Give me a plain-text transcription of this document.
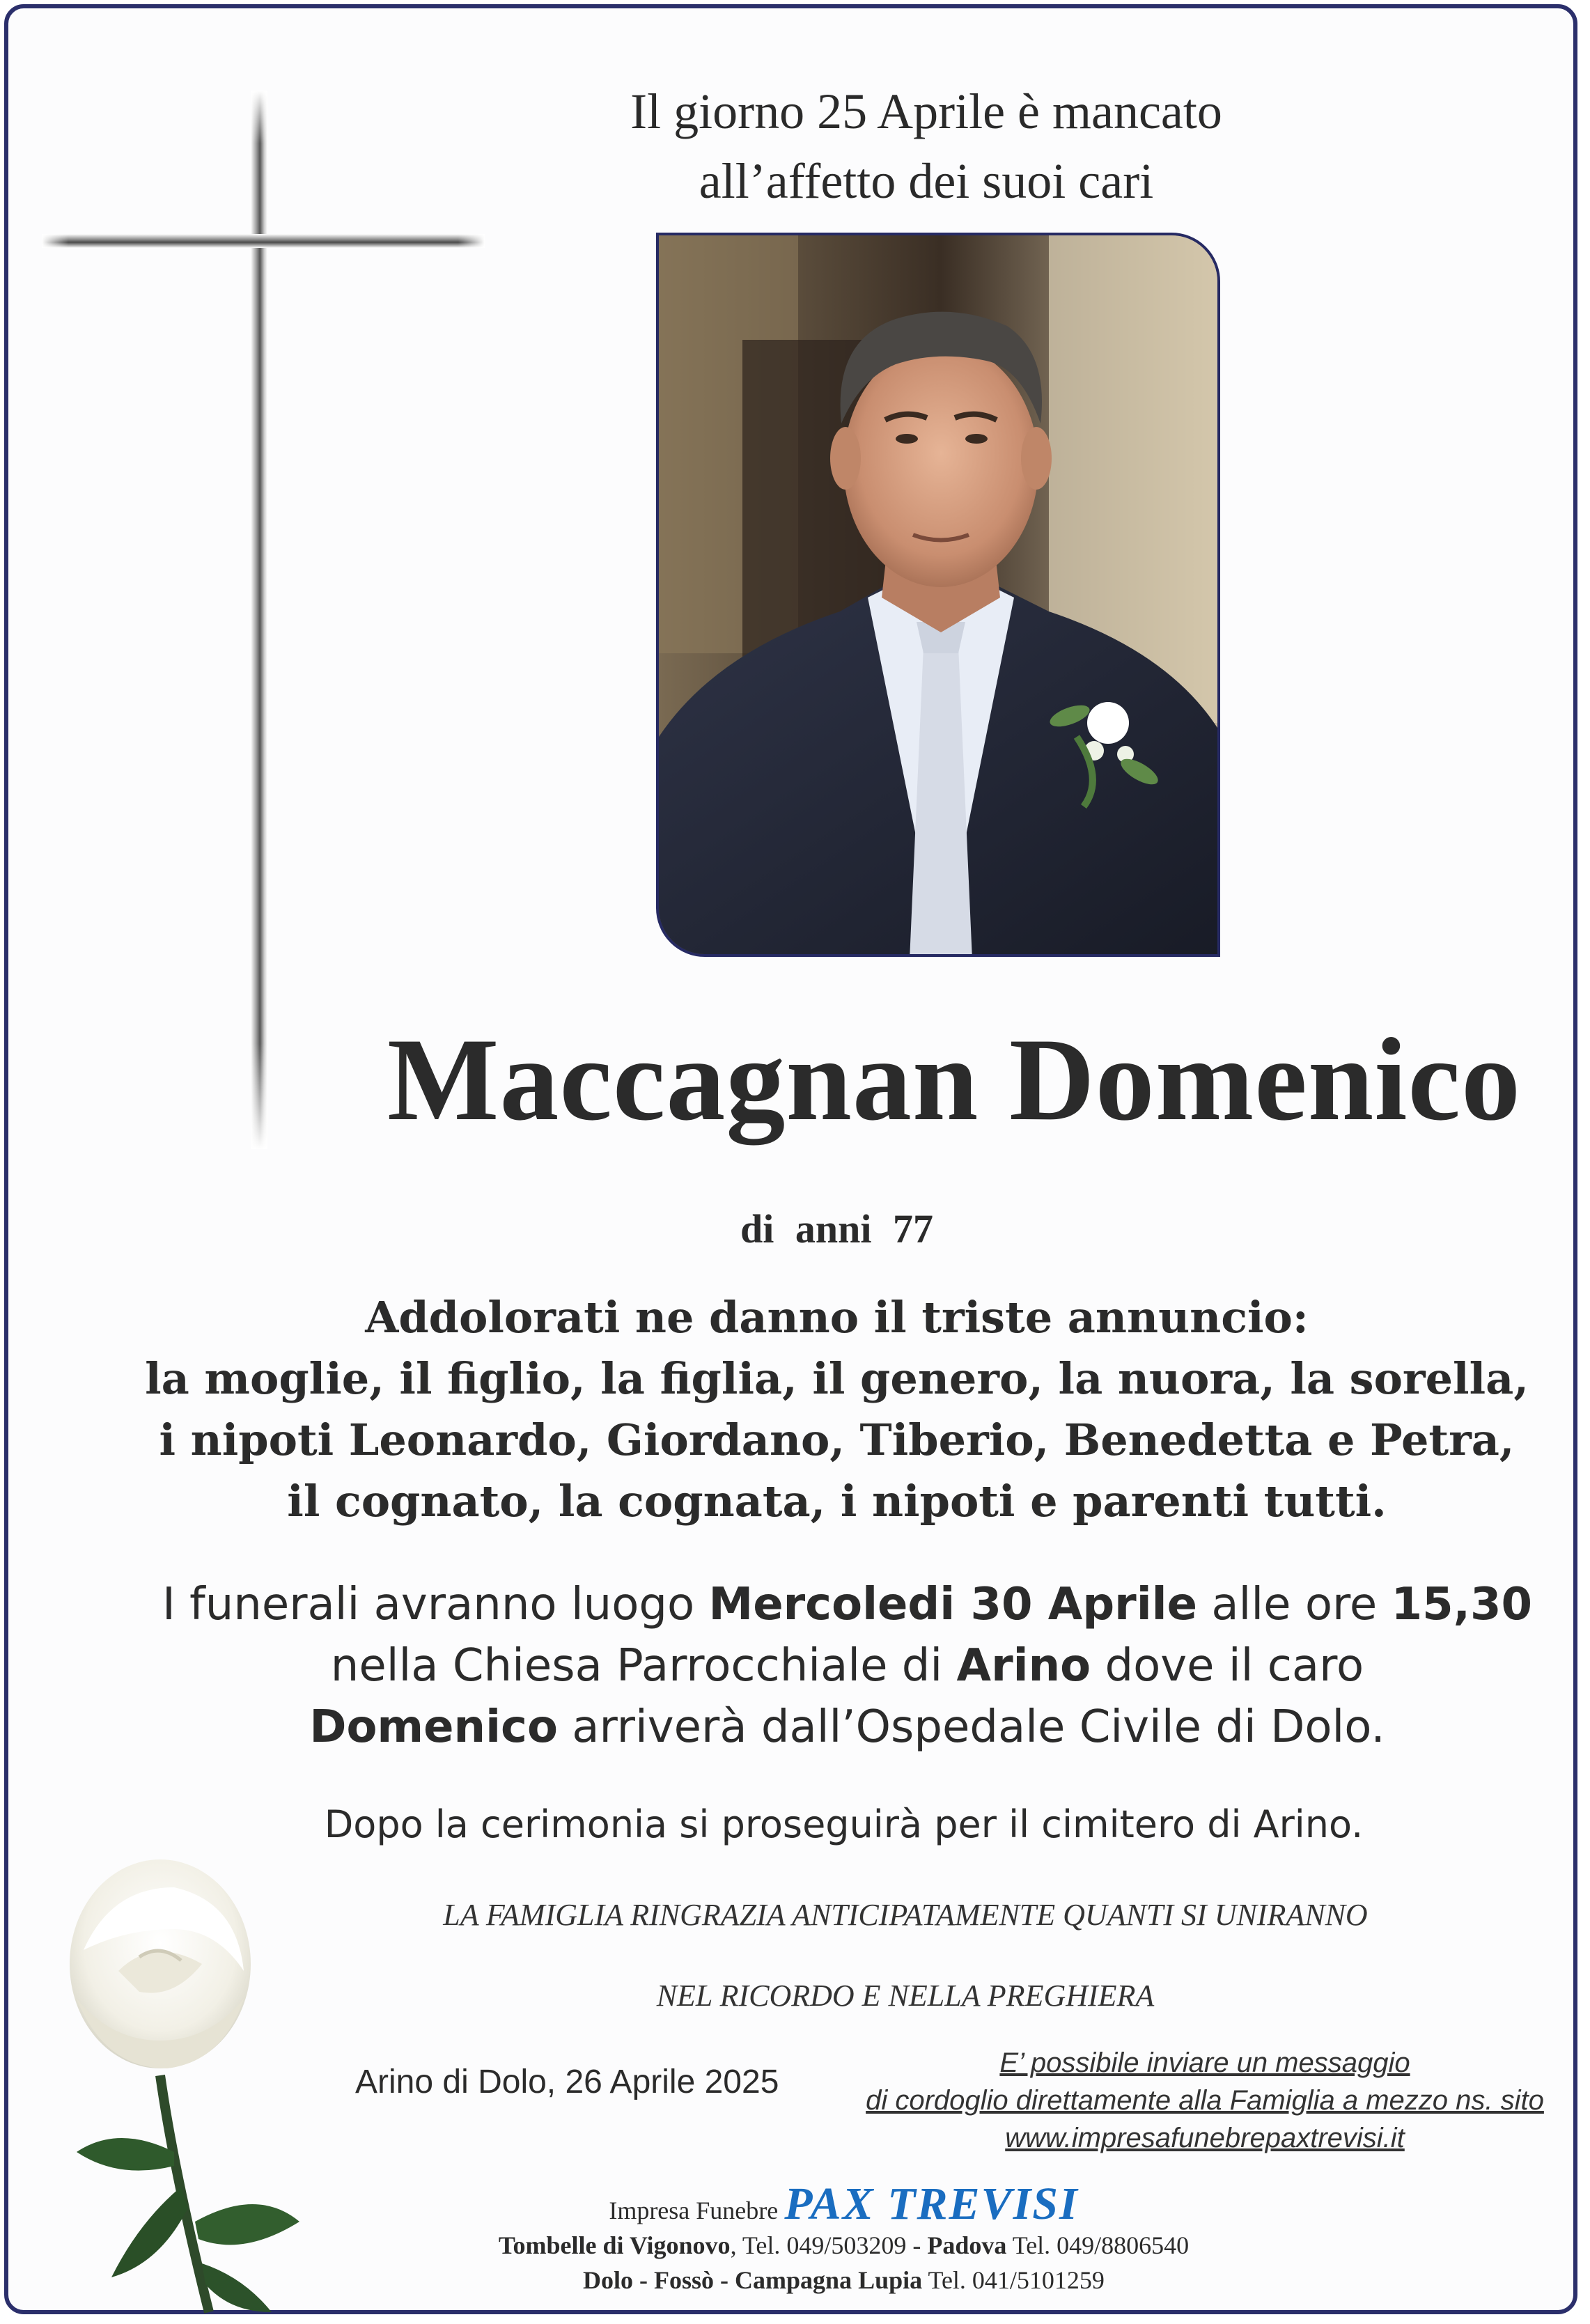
Il giorno 25 Aprile è mancato
all’affetto dei suoi cari
Maccagnan Domenico
di anni 77
Addolorati ne danno il triste annuncio:
la moglie, il figlio, la figlia, il genero, la nuora, la sorella,
i nipoti Leonardo, Giordano, Tiberio, Benedetta e Petra,
il cognato, la cognata, i nipoti e parenti tutti.
I funerali avranno luogo Mercoledi 30 Aprile alle ore 15,30
nella Chiesa Parrocchiale di Arino dove il caro
Domenico arriverà dall’Ospedale Civile di Dolo.
Dopo la cerimonia si proseguirà per il cimitero di Arino.
LA FAMIGLIA RINGRAZIA ANTICIPATAMENTE QUANTI SI UNIRANNO
NEL RICORDO E NELLA PREGHIERA
Arino di Dolo, 26 Aprile 2025
E’ possibile inviare un messaggio
di cordoglio direttamente alla Famiglia a mezzo ns. sito
www.impresafunebrepaxtrevisi.it
Impresa Funebre PAX TREVISI
Tombelle di Vigonovo, Tel. 049/503209 - Padova Tel. 049/8806540
Dolo - Fossò - Campagna Lupia Tel. 041/5101259
